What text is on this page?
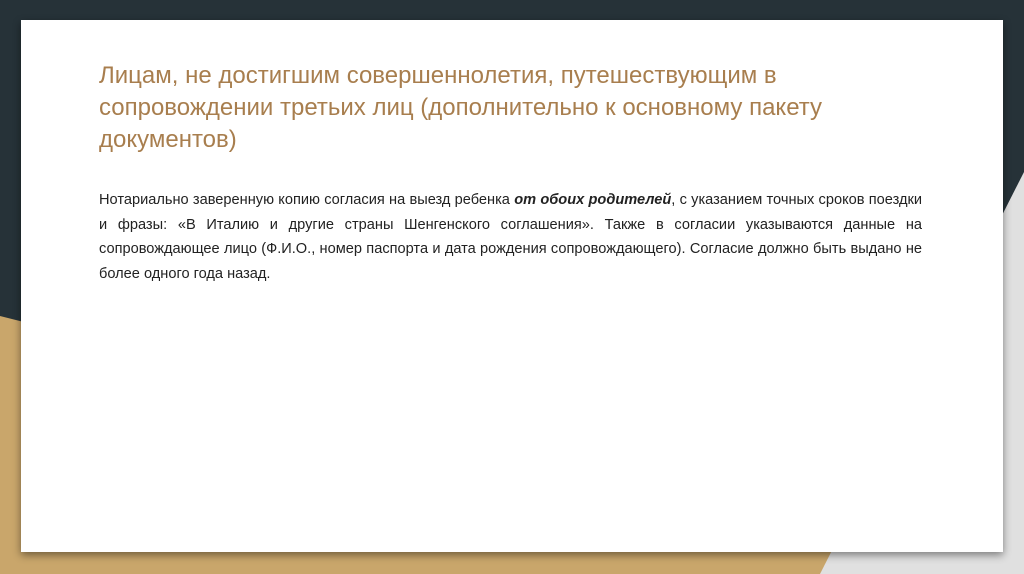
Лицам, не достигшим совершеннолетия, путешествующим в сопровождении третьих лиц (дополнительно к основному пакету документов)

Нотариально заверенную копию согласия на выезд ребенка от обоих родителей, с указанием точных сроков поездки и фразы: «В Италию и другие страны Шенгенского соглашения». Также в согласии указываются данные на сопровождающее лицо (Ф.И.О., номер паспорта и дата рождения сопровождающего). Согласие должно быть выдано не более одного года назад.
